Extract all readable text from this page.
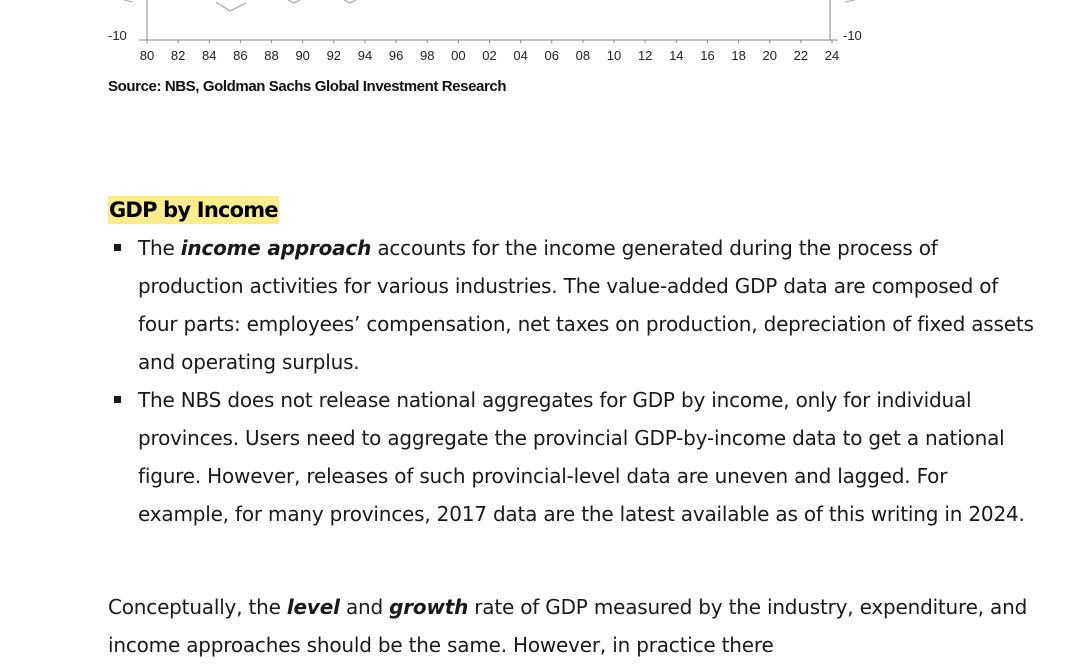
-10	-10
80 82 84 86 88 90 92 94 96 98 00 02 04 06 08 10 12 14 16 18 20 22 24
Source: NBS, Goldman Sachs Global Investment Research
GDP by Income
The income approach accounts for the income generated during the process of production activities for various industries. The value-added GDP data are composed of four parts: employees’ compensation, net taxes on production, depreciation of fixed assets and operating surplus.
The NBS does not release national aggregates for GDP by income, only for individual provinces. Users need to aggregate the provincial GDP-by-income data to get a national figure. However, releases of such provincial-level data are uneven and lagged. For example, for many provinces, 2017 data are the latest available as of this writing in 2024.

Conceptually, the level and growth rate of GDP measured by the industry, expenditure, and income approaches should be the same. However, in practice there
